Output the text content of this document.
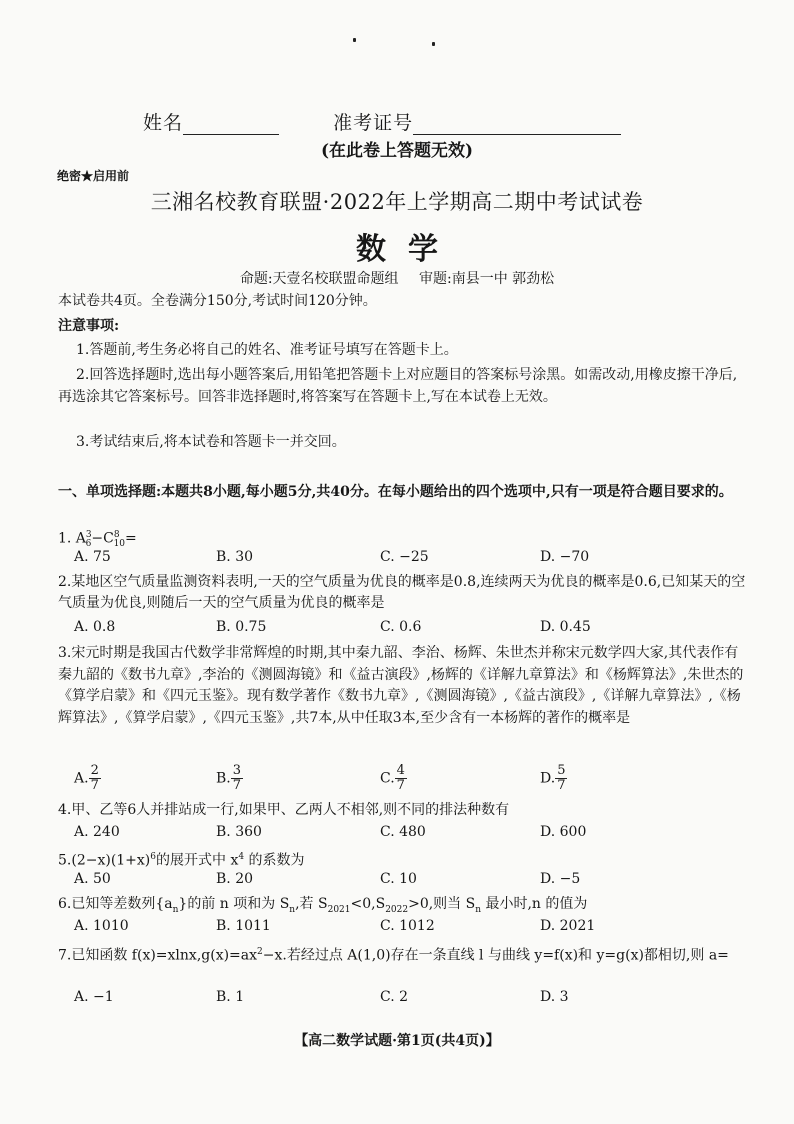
姓名	准考证号
(在此卷上答题无效)
绝密★启用前
三湘名校教育联盟·2022年上学期高二期中考试试卷
数学
命题:天壹名校联盟命题组 审题:南县一中 郭劲松
本试卷共4页。全卷满分150分,考试时间120分钟。
注意事项:
1.答题前,考生务必将自己的姓名、准考证号填写在答题卡上。
2.回答选择题时,选出每小题答案后,用铅笔把答题卡上对应题目的答案标号涂黑。如需改动,用橡皮擦干净后,再选涂其它答案标号。回答非选择题时,将答案写在答题卡上,写在本试卷上无效。
3.考试结束后,将本试卷和答题卡一并交回。
一、单项选择题:本题共8小题,每小题5分,共40分。在每小题给出的四个选项中,只有一项是符合题目要求的。
1. $A^3_6-C^8_{10}=$
A. 75	B. 30	C. −25	D. −70
2.某地区空气质量监测资料表明,一天的空气质量为优良的概率是0.8,连续两天为优良的概率是0.6,已知某天的空气质量为优良,则随后一天的空气质量为优良的概率是
A. 0.8	B. 0.75	C. 0.6	D. 0.45
3.宋元时期是我国古代数学非常辉煌的时期,其中秦九韶、李治、杨辉、朱世杰并称宋元数学四大家,其代表作有秦九韶的《数书九章》,李治的《测圆海镜》和《益古演段》,杨辉的《详解九章算法》和《杨辉算法》,朱世杰的《算学启蒙》和《四元玉鉴》。现有数学著作《数书九章》,《测圆海镜》,《益古演段》,《详解九章算法》,《杨辉算法》,《算学启蒙》,《四元玉鉴》,共7本,从中任取3本,至少含有一本杨辉的著作的概率是
A. $\frac{2}{7}$	B. $\frac{3}{7}$	C. $\frac{4}{7}$	D. $\frac{5}{7}$
4.甲、乙等6人并排站成一行,如果甲、乙两人不相邻,则不同的排法种数有
A. 240	B. 360	C. 480	D. 600
$5.(2-x)(1+x)^6$的展开式中 $x^4$ 的系数为
A. 50	B. 20	C. 10	D. −5
6.已知等差数列$\{a_n\}$的前 n 项和为 $S_n$,若 $S_{2021}<0,S_{2022}>0$,则当 $S_n$ 最小时,n 的值为
A. 1010	B. 1011	C. 1012	D. 2021
7.已知函数 $f(x)=xlnx,g(x)=ax^2-x$.若经过点 A(1,0)存在一条直线 l 与曲线 y=f(x)和 y=g(x)都相切,则 a=
A. −1	B. 1	C. 2	D. 3
【高二数学试题·第1页(共4页)】
